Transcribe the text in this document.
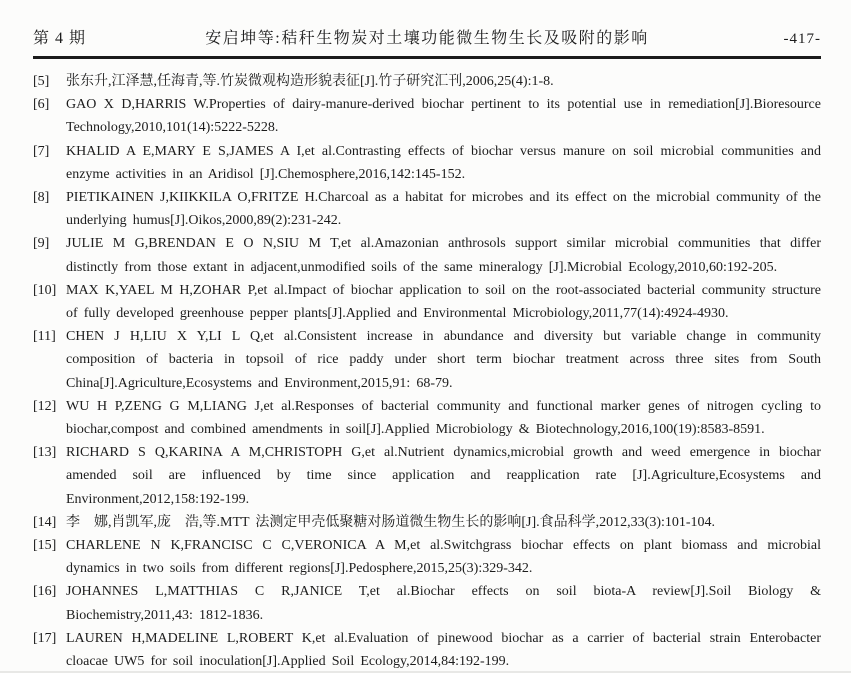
第 4 期	安启坤等:秸秆生物炭对土壤功能微生物生长及吸附的影响	-417-
[5]	张东升,江泽慧,任海青,等.竹炭微观构造形貌表征[J].竹子研究汇刊,2006,25(4):1-8.
[6]	GAO X D,HARRIS W.Properties of dairy-manure-derived biochar pertinent to its potential use in remediation[J].Bioresource Technology,2010,101(14):5222-5228.
[7]	KHALID A E,MARY E S,JAMES A I,et al.Contrasting effects of biochar versus manure on soil microbial communities and enzyme activities in an Aridisol [J].Chemosphere,2016,142:145-152.
[8]	PIETIKAINEN J,KIIKKILA O,FRITZE H.Charcoal as a habitat for microbes and its effect on the microbial community of the underlying humus[J].Oikos,2000,89(2):231-242.
[9]	JULIE M G,BRENDAN E O N,SIU M T,et al.Amazonian anthrosols support similar microbial communities that differ distinctly from those extant in adjacent,unmodified soils of the same mineralogy [J].Microbial Ecology,2010,60:192-205.
[10] MAX K,YAEL M H,ZOHAR P,et al.Impact of biochar application to soil on the root-associated bacterial community structure of fully developed greenhouse pepper plants[J].Applied and Environmental Microbiology,2011,77(14):4924-4930.
[11] CHEN J H,LIU X Y,LI L Q,et al.Consistent increase in abundance and diversity but variable change in community composition of bacteria in topsoil of rice paddy under short term biochar treatment across three sites from South China[J].Agriculture,Ecosystems and Environment,2015,91: 68-79.
[12] WU H P,ZENG G M,LIANG J,et al.Responses of bacterial community and functional marker genes of nitrogen cycling to biochar,compost and combined amendments in soil[J].Applied Microbiology & Biotechnology,2016,100(19):8583-8591.
[13] RICHARD S Q,KARINA A M,CHRISTOPH G,et al.Nutrient dynamics,microbial growth and weed emergence in biochar amended soil are influenced by time since application and reapplication rate [J].Agriculture,Ecosystems and Environment,2012,158:192-199.
[14] 李　娜,肖凯军,庞　浩,等.MTT 法测定甲壳低聚糖对肠道微生物生长的影响[J].食品科学,2012,33(3):101-104.
[15] CHARLENE N K,FRANCISC C C,VERONICA A M,et al.Switchgrass biochar effects on plant biomass and microbial dynamics in two soils from different regions[J].Pedosphere,2015,25(3):329-342.
[16] JOHANNES L,MATTHIAS C R,JANICE T,et al.Biochar effects on soil biota-A review[J].Soil Biology & Biochemistry,2011,43: 1812-1836.
[17] LAUREN H,MADELINE L,ROBERT K,et al.Evaluation of pinewood biochar as a carrier of bacterial strain Enterobacter cloacae UW5 for soil inoculation[J].Applied Soil Ecology,2014,84:192-199.
